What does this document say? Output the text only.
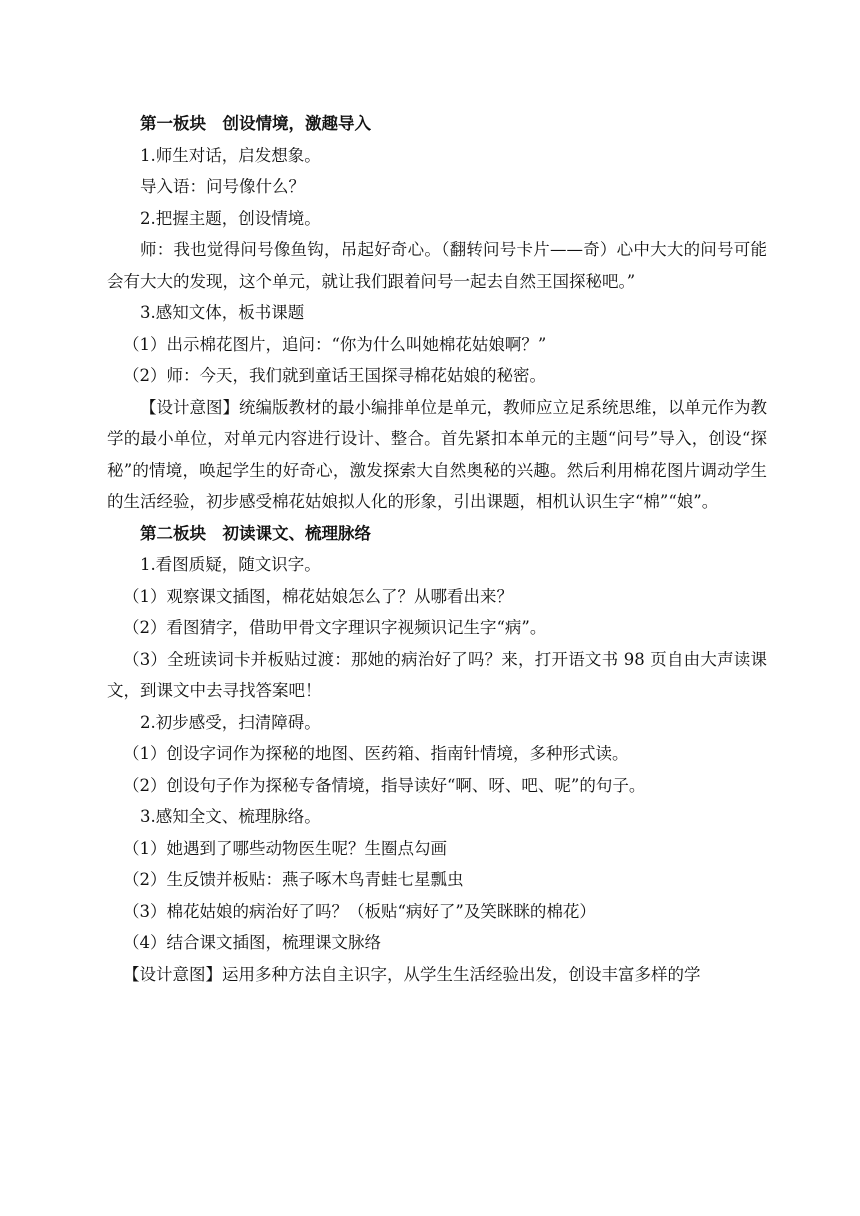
第一板块　创设情境，激趣导入
1.师生对话，启发想象。
导入语：问号像什么？
2.把握主题，创设情境。
师：我也觉得问号像鱼钩，吊起好奇心。（翻转问号卡片——奇）心中大大的问号可能会有大大的发现，这个单元，就让我们跟着问号一起去自然王国探秘吧。”
3.感知文体，板书课题
（1）出示棉花图片，追问：“你为什么叫她棉花姑娘啊？”
（2）师：今天，我们就到童话王国探寻棉花姑娘的秘密。
【设计意图】统编版教材的最小编排单位是单元，教师应立足系统思维，以单元作为教学的最小单位，对单元内容进行设计、整合。首先紧扣本单元的主题“问号”导入，创设“探秘”的情境，唤起学生的好奇心，激发探索大自然奥秘的兴趣。然后利用棉花图片调动学生的生活经验，初步感受棉花姑娘拟人化的形象，引出课题，相机认识生字“棉”“娘”。
第二板块　初读课文、梳理脉络
1.看图质疑，随文识字。
（1）观察课文插图，棉花姑娘怎么了？从哪看出来？
（2）看图猜字，借助甲骨文字理识字视频识记生字“病”。
（3）全班读词卡并板贴过渡：那她的病治好了吗？来，打开语文书 98 页自由大声读课文，到课文中去寻找答案吧！
2.初步感受，扫清障碍。
（1）创设字词作为探秘的地图、医药箱、指南针情境，多种形式读。
（2）创设句子作为探秘专备情境，指导读好“啊、呀、吧、呢”的句子。
3.感知全文、梳理脉络。
（1）她遇到了哪些动物医生呢？生圈点勾画
（2）生反馈并板贴：燕子啄木鸟青蛙七星瓢虫
（3）棉花姑娘的病治好了吗？（板贴“病好了”及笑眯眯的棉花）
（4）结合课文插图，梳理课文脉络
【设计意图】运用多种方法自主识字，从学生生活经验出发，创设丰富多样的学
